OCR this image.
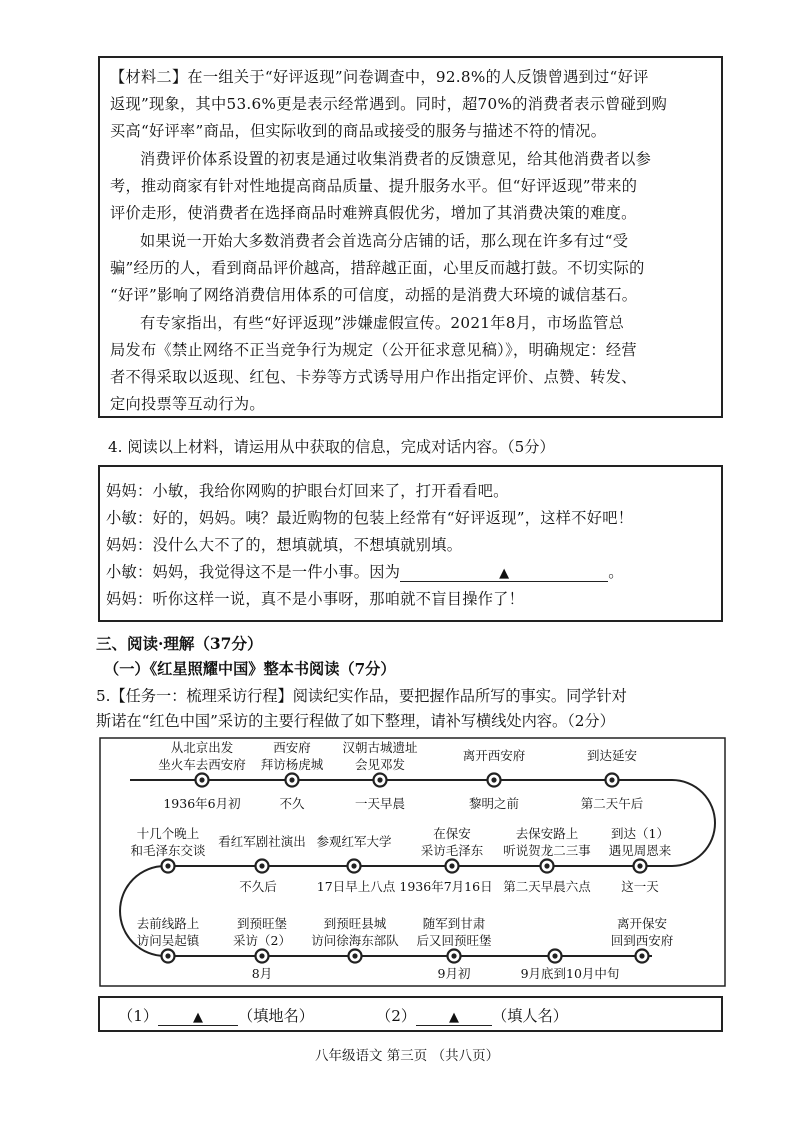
【材料二】在一组关于“好评返现”问卷调查中，92.8%的人反馈曾遇到过“好评
返现”现象，其中53.6%更是表示经常遇到。同时，超70%的消费者表示曾碰到购
买高“好评率”商品，但实际收到的商品或接受的服务与描述不符的情况。
消费评价体系设置的初衷是通过收集消费者的反馈意见，给其他消费者以参
考，推动商家有针对性地提高商品质量、提升服务水平。但“好评返现”带来的
评价走形，使消费者在选择商品时难辨真假优劣，增加了其消费决策的难度。
如果说一开始大多数消费者会首选高分店铺的话，那么现在许多有过“受
骗”经历的人，看到商品评价越高，措辞越正面，心里反而越打鼓。不切实际的
“好评”影响了网络消费信用体系的可信度，动摇的是消费大环境的诚信基石。
有专家指出，有些“好评返现”涉嫌虚假宣传。2021年8月，市场监管总
局发布《禁止网络不正当竞争行为规定（公开征求意见稿）》，明确规定：经营
者不得采取以返现、红包、卡券等方式诱导用户作出指定评价、点赞、转发、
定向投票等互动行为。
4. 阅读以上材料，请运用从中获取的信息，完成对话内容。（5分）
妈妈：小敏，我给你网购的护眼台灯回来了，打开看看吧。
小敏：好的，妈妈。咦？最近购物的包装上经常有“好评返现”，这样不好吧！
妈妈：没什么大不了的，想填就填，不想填就别填。
小敏：妈妈，我觉得这不是一件小事。因为	▲	。
妈妈：听你这样一说，真不是小事呀，那咱就不盲目操作了！
三、阅读·理解（37分）
（一）《红星照耀中国》整本书阅读（7分）
5.【任务一：梳理采访行程】阅读纪实作品，要把握作品所写的事实。同学针对
斯诺在“红色中国”采访的主要行程做了如下整理，请补写横线处内容。（2分）
从北京出发
坐火车去西安府
西安府
拜访杨虎城
汉朝古城遗址
会见邓发
离开西安府	到达延安
十几个晚上
和毛泽东交谈
看红军剧社演出 参观红军大学
在保安
采访毛泽东
去保安路上
听说贺龙二三事
到达（1）
遇见周恩来
去前线路上
访问吴起镇
到预旺堡
采访（2）
到预旺县城
访问徐海东部队
随军到甘肃
后又回预旺堡
离开保安
回到西安府
1936年6月初	不久	一天早晨	黎明之前	第二天午后
不久后	17日早上八点 1936年7月16日 第二天早晨六点 这一天
8月	9月初	9月底到10月中旬
（1）	▲ （填地名）	（2）	▲ （填人名）
八年级语文 第三页 （共八页）
